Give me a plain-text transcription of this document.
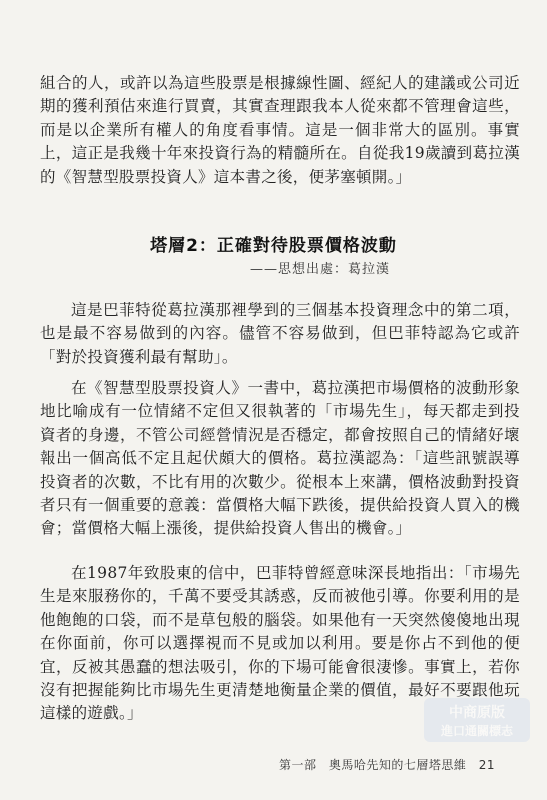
組合的人，或許以為這些股票是根據線性圖、經紀人的建議或公司近期的獲利預估來進行買賣，其實查理跟我本人從來都不管理會這些，而是以企業所有權人的角度看事情。這是一個非常大的區別。事實上，這正是我幾十年來投資行為的精髓所在。自從我19歲讀到葛拉漢的《智慧型股票投資人》這本書之後，便茅塞頓開。」

塔層2：正確對待股票價格波動
——思想出處：葛拉漢

這是巴菲特從葛拉漢那裡學到的三個基本投資理念中的第二項，也是最不容易做到的內容。儘管不容易做到，但巴菲特認為它或許「對於投資獲利最有幫助」。

在《智慧型股票投資人》一書中，葛拉漢把市場價格的波動形象地比喻成有一位情緒不定但又很執著的「市場先生」，每天都走到投資者的身邊，不管公司經營情況是否穩定，都會按照自己的情緒好壞報出一個高低不定且起伏頗大的價格。葛拉漢認為：「這些訊號誤導投資者的次數，不比有用的次數少。從根本上來講，價格波動對投資者只有一個重要的意義：當價格大幅下跌後，提供給投資人買入的機會；當價格大幅上漲後，提供給投資人售出的機會。」

在1987年致股東的信中，巴菲特曾經意味深長地指出：「市場先生是來服務你的，千萬不要受其誘惑，反而被他引導。你要利用的是他飽飽的口袋，而不是草包般的腦袋。如果他有一天突然傻傻地出現在你面前，你可以選擇視而不見或加以利用。要是你占不到他的便宜，反被其愚蠢的想法吸引，你的下場可能會很淒慘。事實上，若你沒有把握能夠比市場先生更清楚地衡量企業的價值，最好不要跟他玩這樣的遊戲。」	中商原版
進口通關標志
第一部 奧馬哈先知的七層塔思維 21
